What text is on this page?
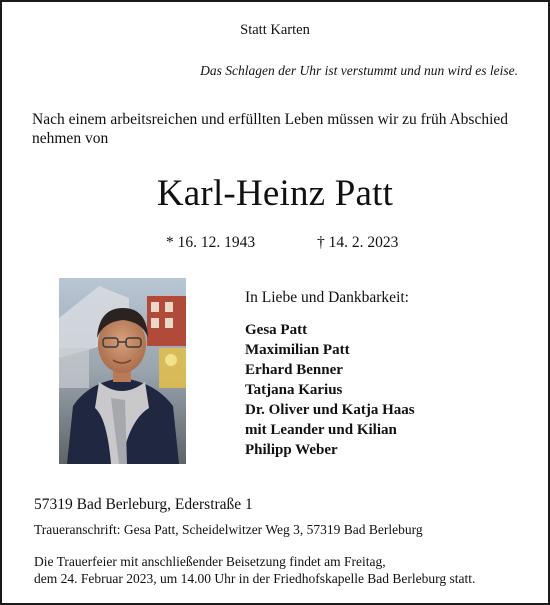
Statt Karten
Das Schlagen der Uhr ist verstummt und nun wird es leise.
Nach einem arbeitsreichen und erfüllten Leben müssen wir zu früh Abschied nehmen von
Karl-Heinz Patt
* 16. 12. 1943	† 14. 2. 2023
In Liebe und Dankbarkeit:
Gesa Patt
Maximilian Patt
Erhard Benner
Tatjana Karius
Dr. Oliver und Katja Haas
mit Leander und Kilian
Philipp Weber
57319 Bad Berleburg, Ederstraße 1
Traueranschrift: Gesa Patt, Scheidelwitzer Weg 3, 57319 Bad Berleburg
Die Trauerfeier mit anschließender Beisetzung findet am Freitag,
dem 24. Februar 2023, um 14.00 Uhr in der Friedhofskapelle Bad Berleburg statt.
